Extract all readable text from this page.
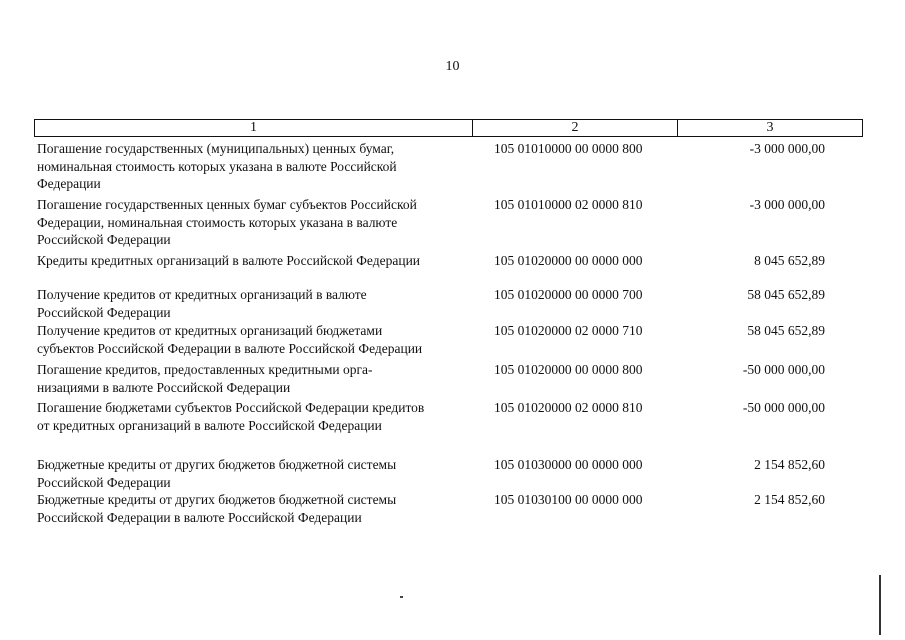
10
1	2	3
Погашение государственных (муниципальных) ценных бумаг,
номинальная стоимость которых указана в валюте Российской
Федерации
105 01010000 00 0000 800	-3 000 000,00
Погашение государственных ценных бумаг субъектов Российской
Федерации, номинальная стоимость которых указана в валюте
Российской Федерации
105 01010000 02 0000 810	-3 000 000,00
Кредиты кредитных организаций в валюте Российской Федерации	105 01020000 00 0000 000	8 045 652,89
Получение кредитов от кредитных организаций в валюте
Российской Федерации
105 01020000 00 0000 700	58 045 652,89
Получение кредитов от кредитных организаций бюджетами
субъектов Российской Федерации в валюте Российской Федерации
105 01020000 02 0000 710	58 045 652,89
Погашение кредитов, предоставленных кредитными орга-
низациями в валюте Российской Федерации
105 01020000 00 0000 800	-50 000 000,00
Погашение бюджетами субъектов Российской Федерации кредитов
от кредитных организаций в валюте Российской Федерации
105 01020000 02 0000 810	-50 000 000,00
Бюджетные кредиты от других бюджетов бюджетной системы
Российской Федерации
105 01030000 00 0000 000	2 154 852,60
Бюджетные кредиты от других бюджетов бюджетной системы
Российской Федерации в валюте Российской Федерации
105 01030100 00 0000 000	2 154 852,60
